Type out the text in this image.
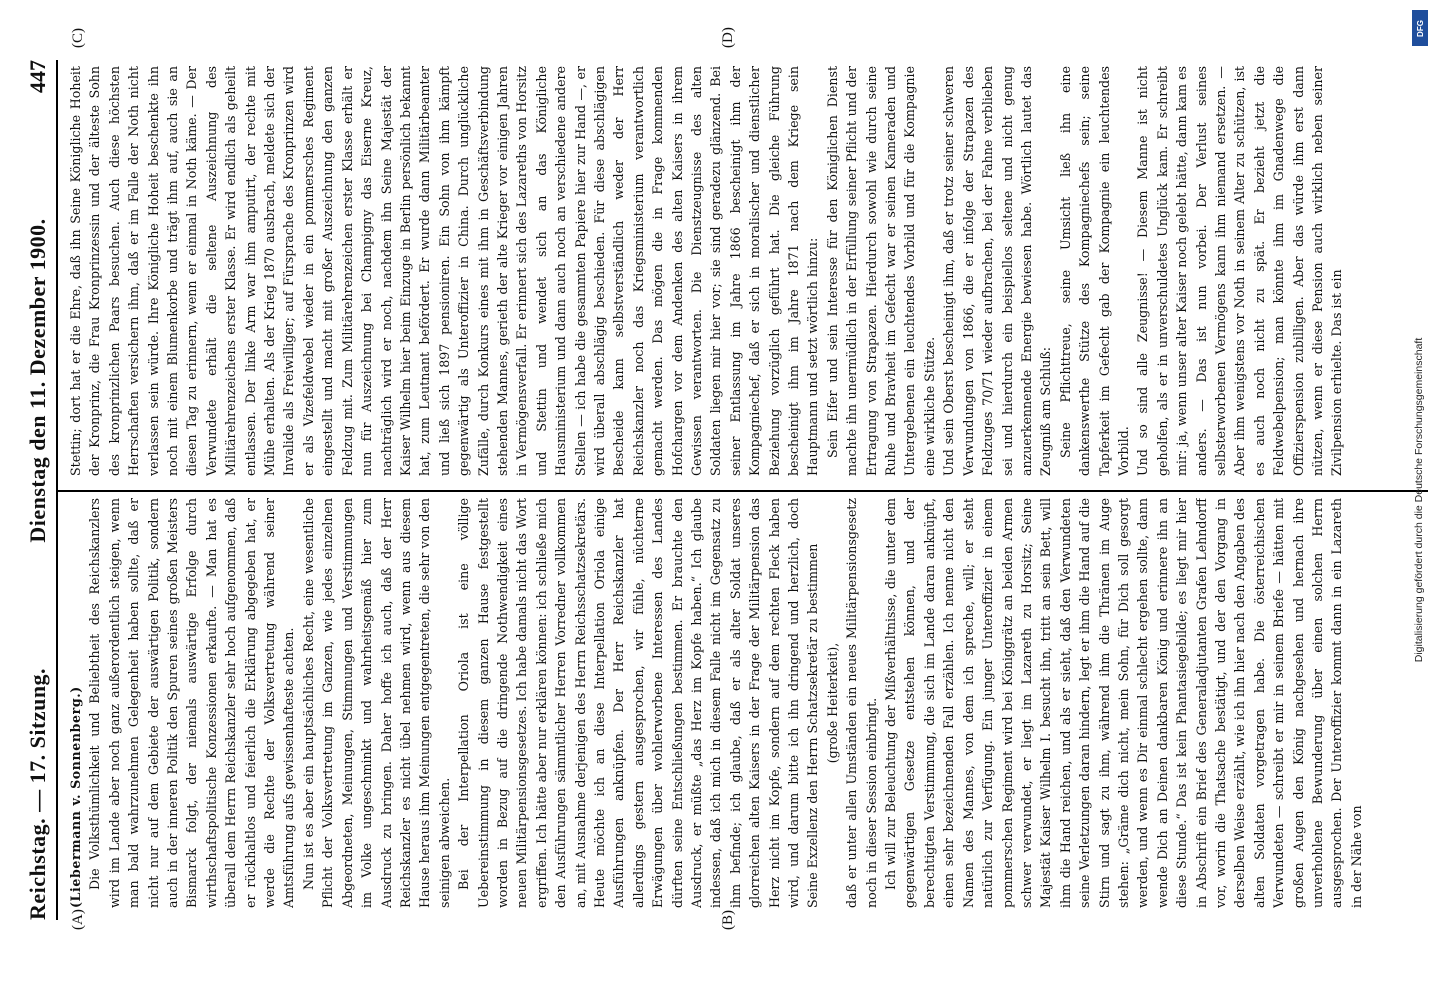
Reichstag. — 17. Sitzung.
Dienstag den 11. Dezember 1900.
447
(A)	(B)
(C)	(D)

(Liebermann v. Sonnenberg.) Die Volksthümlichkeit und Beliebtheit des Reichskanzlers wird im Lande aber noch ganz außerordentlich steigen, wenn man bald wahrzunehmen Gelegenheit haben sollte, daß er nicht nur auf dem Gebiete der auswärtigen Politik, sondern auch in der inneren Politik den Spuren seines großen Meisters Bismarck folgt, der niemals auswärtige Erfolge durch wirthschaftspolitische Konzessionen erkaufte. — Man hat es überall dem Herrn Reichskanzler sehr hoch aufgenommen, daß er rückhaltlos und feierlich die Erklärung abgegeben hat, er werde die Rechte der Volksvertretung während seiner Amtsführung aufs gewissenhafteste achten. Nun ist es aber ein hauptsächliches Recht, eine wesentliche Pflicht der Volksvertretung im Ganzen, wie jedes einzelnen Abgeordneten, Meinungen, Stimmungen und Verstimmungen im Volke ungeschminkt und wahrheitsgemäß hier zum Ausdruck zu bringen. Daher hoffe ich auch, daß der Herr Reichskanzler es nicht übel nehmen wird, wenn aus diesem Hause heraus ihm Meinungen entgegentreten, die sehr von den seinigen abweichen. Bei der Interpellation Oriola ist eine völlige Uebereinstimmung in diesem ganzen Hause festgestellt worden in Bezug auf die dringende Nothwendigkeit eines neuen Militärpensionsgesetzes. Ich habe damals nicht das Wort ergriffen. Ich hätte aber nur erklären können: ich schließe mich den Ausführungen sämmtlicher Herren Vorredner vollkommen an, mit Ausnahme derjenigen des Herrn Reichsschatzsekretärs. Heute möchte ich an diese Interpellation Oriola einige Ausführungen anknüpfen. Der Herr Reichskanzler hat allerdings gestern ausgesprochen, wir fühle, nüchterne Erwägungen über wohlerworbene Interessen des Landes dürften seine Entschließungen bestimmen. Er brauchte den Ausdruck, er müßte „das Herz im Kopfe haben.“ Ich glaube indessen, daß ich mich in diesem Falle nicht im Gegensatz zu ihm befinde; ich glaube, daß er als alter Soldat unseres glorreichen alten Kaisers in der Frage der Militärpension das Herz nicht im Kopfe, sondern auf dem rechten Fleck haben wird, und darum bitte ich ihn dringend und herzlich, doch Seine Exzellenz den Herrn Schatzsekretär zu bestimmen (große Heiterkeit), daß er unter allen Umständen ein neues Militärpensionsgesetz noch in dieser Session einbringt. Ich will zur Beleuchtung der Mißverhältnisse, die unter dem gegenwärtigen Gesetze entstehen können, und der berechtigten Verstimmung, die sich im Lande daran anknüpft, einen sehr bezeichnenden Fall erzählen. Ich nenne nicht den Namen des Mannes, von dem ich spreche, will; er steht natürlich zur Verfügung. Ein junger Unteroffizier in einem pommerschen Regiment wird bei Königgrätz an beiden Armen schwer verwundet, er liegt im Lazareth zu Horsitz; Seine Majestät Kaiser Wilhelm I. besucht ihn, tritt an sein Bett, will ihm die Hand reichen, und als er sieht, daß den Verwundeten seine Verletzungen daran hindern, legt er ihm die Hand auf die Stirn und sagt zu ihm, während ihm die Thränen im Auge stehen: „Gräme dich nicht, mein Sohn, für Dich soll gesorgt werden, und wenn es Dir einmal schlecht ergehen sollte, dann wende Dich an Deinen dankbaren König und erinnere ihn an diese Stunde.“ Das ist kein Phantasiegebilde; es liegt mir hier in Abschrift ein Brief des Generaladjutanten Grafen Lehndorff vor, worin die Thatsache bestätigt, und der den Vorgang in derselben Weise erzählt, wie ich ihn hier nach den Angaben des alten Soldaten vorgetragen habe. Die österreichischen Verwundeten — schreibt er mir in seinem Briefe — hätten mit großen Augen den König nachgesehen und hernach ihre unverhohlene Bewunderung über einen solchen Herrn ausgesprochen. Der Unteroffizier kommt dann in ein Lazareth in der Nähe von

Stettin; dort hat er die Ehre, daß ihn Seine Königliche Hoheit der Kronprinz, die Frau Kronprinzessin und der älteste Sohn des kronprinzlichen Paars besuchen. Auch diese höchsten Herrschaften versichern ihm, daß er im Falle der Noth nicht verlassen sein würde. Ihre Königliche Hoheit beschenkte ihn noch mit einem Blumenkorbe und trägt ihm auf, auch sie an diesen Tag zu erinnern, wenn er einmal in Noth käme. — Der Verwundete erhält die seltene Auszeichnung des Militärehrenzeichens erster Klasse. Er wird endlich als geheilt entlassen. Der linke Arm war ihm amputirt, der rechte mit Mühe erhalten. Als der Krieg 1870 ausbrach, meldete sich der Invalide als Freiwilliger; auf Fürsprache des Kronprinzen wird er als Vizefeldwebel wieder in ein pommersches Regiment eingestellt und macht mit großer Auszeichnung den ganzen Feldzug mit. Zum Militärehrenzeichen erster Klasse erhält er nun für Auszeichnung bei Champigny das Eiserne Kreuz, nachträglich wird er noch, nachdem ihn Seine Majestät der Kaiser Wilhelm hier beim Einzuge in Berlin persönlich bekannt hat, zum Leutnant befördert. Er wurde dann Militärbeamter und ließ sich 1897 pensioniren. Ein Sohn von ihm kämpft gegenwärtig als Unteroffizier in China. Durch unglückliche Zufälle, durch Konkurs eines mit ihm in Geschäftsverbindung stehenden Mannes, gerieth der alte Krieger vor einigen Jahren in Vermögensverfall. Er erinnert sich des Lazareths von Horsitz und Stettin und wendet sich an das Königliche Hausministerium und dann auch noch an verschiedene andere Stellen — ich habe die gesammten Papiere hier zur Hand —, er wird überall abschlägig beschieden. Für diese abschlägigen Bescheide kann selbstverständlich weder der Herr Reichskanzler noch das Kriegsministerium verantwortlich gemacht werden. Das mögen die in Frage kommenden Hofchargen vor dem Andenken des alten Kaisers in ihrem Gewissen verantworten. Die Dienstzeugnisse des alten Soldaten liegen mir hier vor; sie sind geradezu glänzend. Bei seiner Entlassung im Jahre 1866 bescheinigt ihm der Kompagniechef, daß er sich in moralischer und dienstlicher Beziehung vorzüglich geführt hat. Die gleiche Führung bescheinigt ihm im Jahre 1871 nach dem Kriege sein Hauptmann und setzt wörtlich hinzu: Sein Eifer und sein Interesse für den Königlichen Dienst machte ihn unermüdlich in der Erfüllung seiner Pflicht und der Ertragung von Strapazen. Hierdurch sowohl wie durch seine Ruhe und Bravheit im Gefecht war er seinen Kameraden und Untergebenen ein leuchtendes Vorbild und für die Kompagnie eine wirkliche Stütze. Und sein Oberst bescheinigt ihm, daß er trotz seiner schweren Verwundungen von 1866, die er infolge der Strapazen des Feldzuges 70/71 wieder aufbrachen, bei der Fahne verblieben sei und hierdurch ein beispiellos seltene und nicht genug anzuerkennende Energie bewiesen habe. Wörtlich lautet das Zeugniß am Schluß: Seine Pflichttreue, seine Umsicht ließ ihn eine dankenswerthe Stütze des Kompagniechefs sein; seine Tapferkeit im Gefecht gab der Kompagnie ein leuchtendes Vorbild. Und so sind alle Zeugnisse! — Diesem Manne ist nicht geholfen, als er in unverschuldetes Unglück kam. Er schreibt mir: ja, wenn unser alter Kaiser noch gelebt hätte, dann kam es anders. — Das ist nun vorbei. Der Verlust seines selbsterworbenen Vermögens kann ihm niemand ersetzen. — Aber ihm wenigstens vor Noth in seinem Alter zu schützen, ist es auch noch nicht zu spät. Er bezieht jetzt die Feldwebelpension; man könnte ihm im Gnadenwege die Offizierspension zubilligen. Aber das würde ihm erst dann nützen, wenn er diese Pension auch wirklich neben seiner Zivilpension erhielte. Das ist ein	Digitalisierung gefördert durch die Deutsche Forschungsgemeinschaft
DFG
